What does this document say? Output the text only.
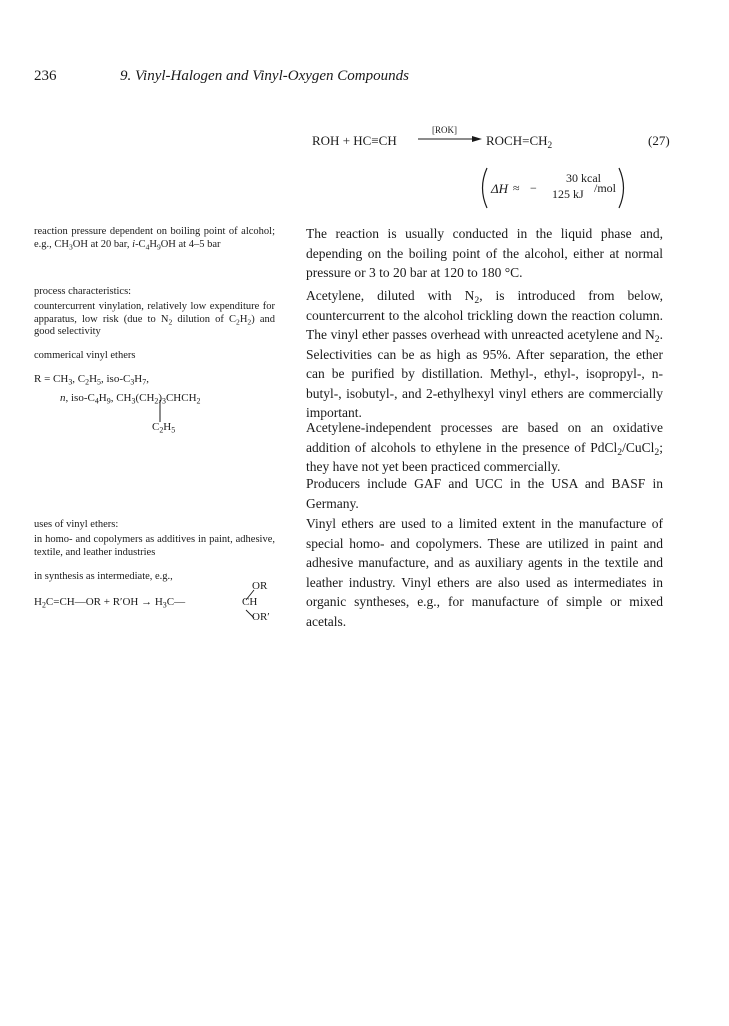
236	9. Vinyl-Halogen and Vinyl-Oxygen Compounds
ROH + HC≡CH →
[ROK]
$ROCH=CH_2$	(27)
ΔH ≈ −
30 kcal
125 kJ /mol

The reaction is usually conducted in the liquid phase and, depending on the boiling point of the alcohol, either at normal pressure or 3 to 20 bar at 120 to 180 °C.

Acetylene, diluted with $N_2$, is introduced from below, countercurrent to the alcohol trickling down the reaction column. The vinyl ether passes overhead with unreacted acetylene and $N_2$. Selectivities can be as high as 95%. After separation, the ether can be purified by distillation. Methyl-, ethyl-, isopropyl-, n-butyl-, isobutyl-, and 2-ethylhexyl vinyl ethers are commercially important.

Acetylene-independent processes are based on an oxidative addition of alcohols to ethylene in the presence of PdCl$_2$/CuCl$_2$; they have not yet been practiced commercially.

Producers include GAF and UCC in the USA and BASF in Germany.

Vinyl ethers are used to a limited extent in the manufacture of special homo- and copolymers. These are utilized in paint and adhesive manufacture, and as auxiliary agents in the textile and leather industry. Vinyl ethers are also used as intermediates in organic syntheses, e.g., for manufacture of simple or mixed acetals.

reaction pressure dependent on boiling point of alcohol; e.g., $CH_3OH$ at 20 bar, $i-C_4H_9OH$ at 4–5 bar

process characteristics:

countercurrent vinylation, relatively low expenditure for apparatus, low risk (due to $N_2$ dilution of $C_2H_2$) and good selectivity

commerical vinyl ethers

$R = CH_3$, $C_2H_5$, iso-$C_3H_7$,
n, iso-$C_4H_9$, $CH_3(CH_2)_3CHCH_2$
$C_2H_5$

uses of vinyl ethers:

in homo- and copolymers as additives in paint, adhesive, textile, and leather industries

in synthesis as intermediate, e.g.,

$H_2C=CH—OR + R'OH$ → $H_3C—$	CH
OR
OR′
